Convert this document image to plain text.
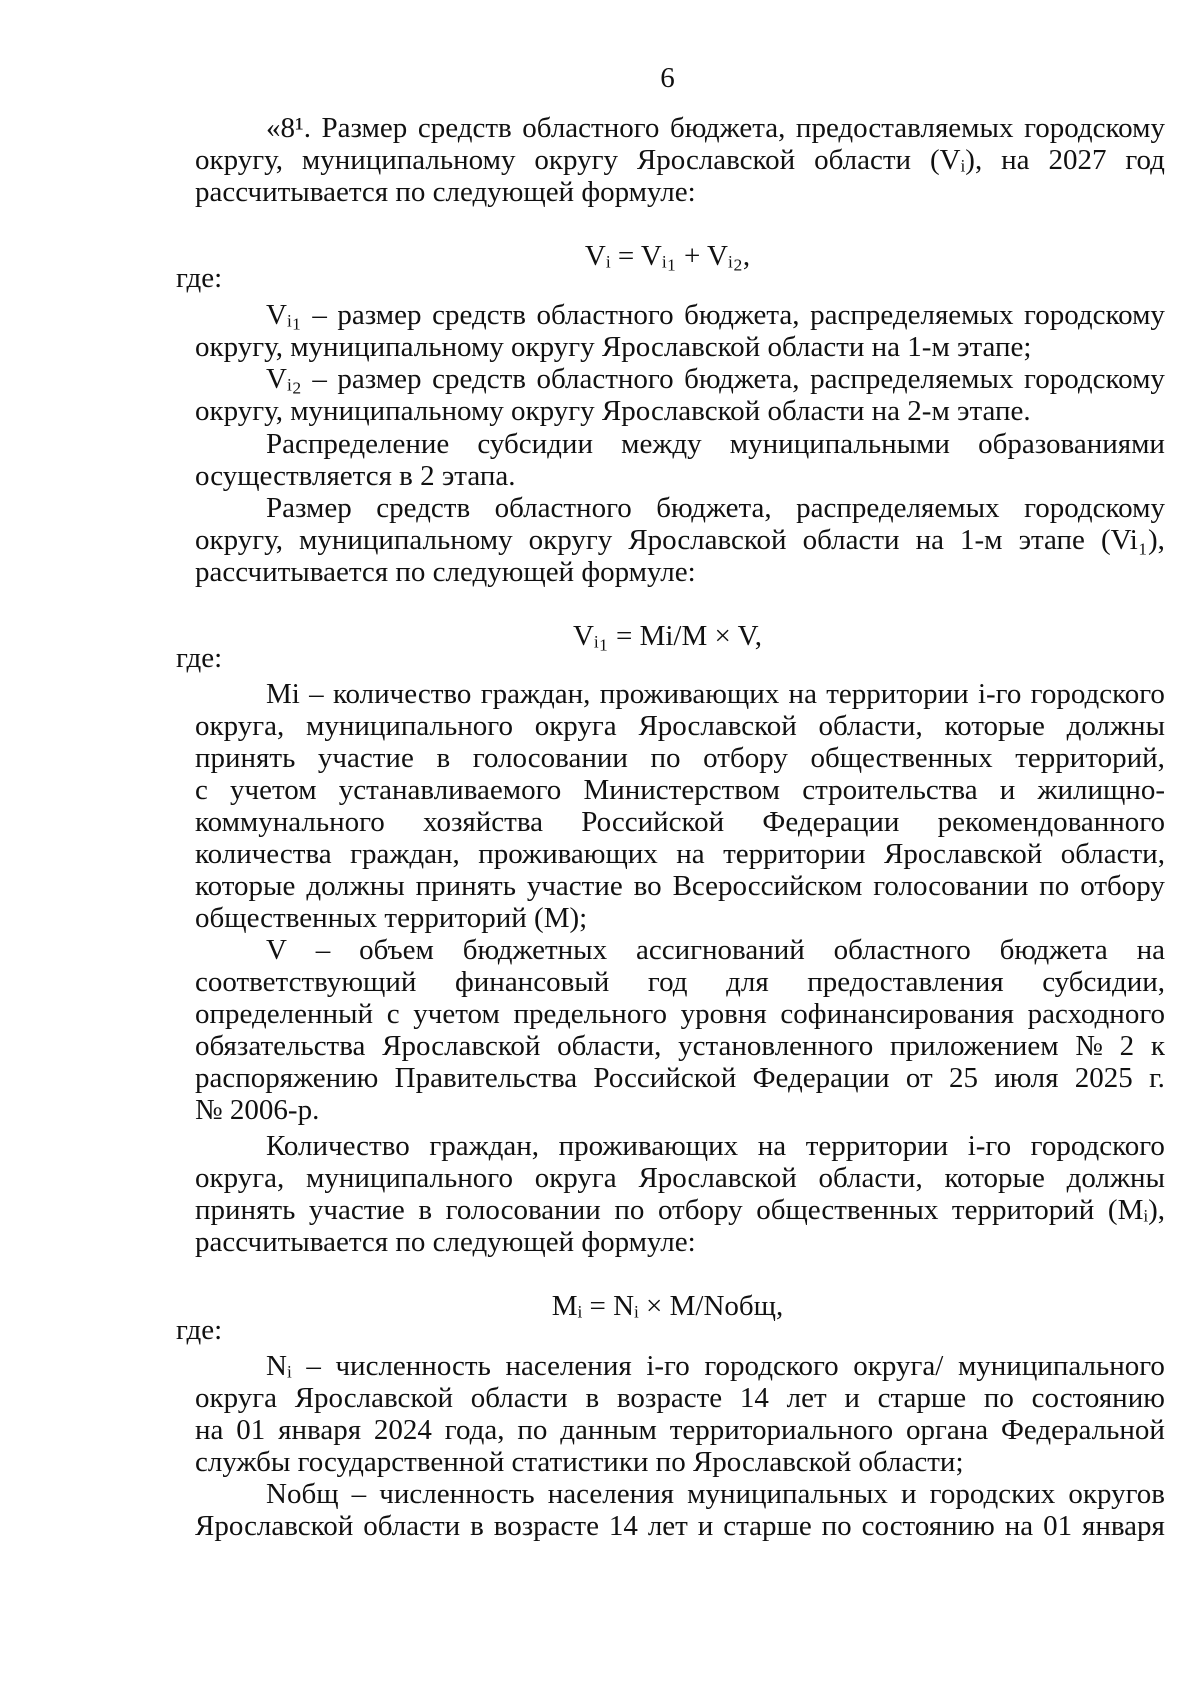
6
«8¹. Размер средств областного бюджета, предоставляемых городскому
округу, муниципальному округу Ярославской области (Vᵢ), на 2027 год
рассчитывается по следующей формуле:
где:
Vᵢ₁ – размер средств областного бюджета, распределяемых городскому
округу, муниципальному округу Ярославской области на 1-м этапе;
Vᵢ₂ – размер средств областного бюджета, распределяемых городскому
округу, муниципальному округу Ярославской области на 2-м этапе.
Распределение субсидии между муниципальными образованиями
осуществляется в 2 этапа.
Размер средств областного бюджета, распределяемых городскому
округу, муниципальному округу Ярославской области на 1-м этапе (Vi₁),
рассчитывается по следующей формуле:
где:
Mi – количество граждан, проживающих на территории i-го городского
округа, муниципального округа Ярославской области, которые должны
принять участие в голосовании по отбору общественных территорий,
с учетом устанавливаемого Министерством строительства и жилищно-
коммунального хозяйства Российской Федерации рекомендованного
количества граждан, проживающих на территории Ярославской области,
которые должны принять участие во Всероссийском голосовании по отбору
общественных территорий (M);
V – объем бюджетных ассигнований областного бюджета на
соответствующий финансовый год для предоставления субсидии,
определенный с учетом предельного уровня софинансирования расходного
обязательства Ярославской области, установленного приложением № 2 к
распоряжению Правительства Российской Федерации от 25 июля 2025 г.
№ 2006-р.
Количество граждан, проживающих на территории i-го городского
округа, муниципального округа Ярославской области, которые должны
принять участие в голосовании по отбору общественных территорий (Mᵢ),
рассчитывается по следующей формуле:
где:
Nᵢ – численность населения i-го городского округа/ муниципального
округа Ярославской области в возрасте 14 лет и старше по состоянию
на 01 января 2024 года, по данным территориального органа Федеральной
службы государственной статистики по Ярославской области;
Nобщ – численность населения муниципальных и городских округов
Ярославской области в возрасте 14 лет и старше по состоянию на 01 января
Vᵢ = Vᵢ₁ + Vᵢ₂,
Vᵢ₁ = Mi/M × V,
Mᵢ = Nᵢ × M/Nобщ,
